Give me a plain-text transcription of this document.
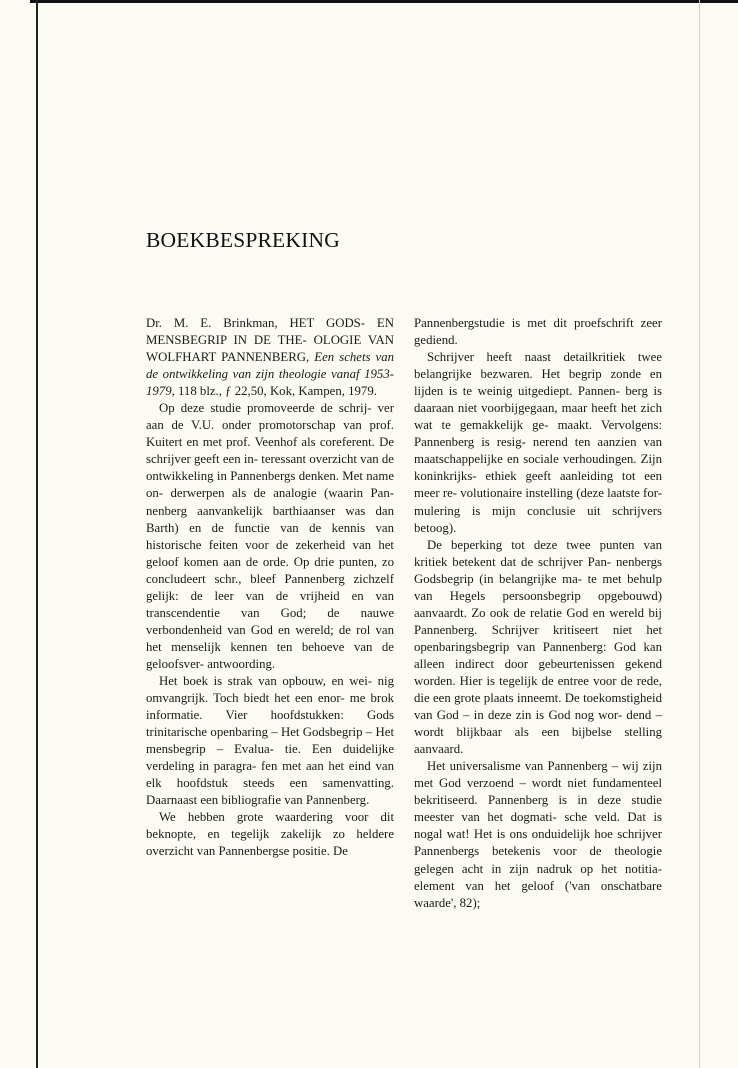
BOEKBESPREKING

Dr. M. E. Brinkman, HET GODS- EN MENSBEGRIP IN DE THE- OLOGIE VAN WOLFHART PANNENBERG, Een schets van de ontwikkeling van zijn theologie vanaf 1953-1979, 118 blz., ƒ 22,50, Kok, Kampen, 1979.

Op deze studie promoveerde de schrij- ver aan de V.U. onder promotorschap van prof. Kuitert en met prof. Veenhof als coreferent. De schrijver geeft een in- teressant overzicht van de ontwikkeling in Pannenbergs denken. Met name on- derwerpen als de analogie (waarin Pan- nenberg aanvankelijk barthiaanser was dan Barth) en de functie van de kennis van historische feiten voor de zekerheid van het geloof komen aan de orde. Op drie punten, zo concludeert schr., bleef Pannenberg zichzelf gelijk: de leer van de vrijheid en van transcendentie van God; de nauwe verbondenheid van God en wereld; de rol van het menselijk kennen ten behoeve van de geloofsver- antwoording.

Het boek is strak van opbouw, en wei- nig omvangrijk. Toch biedt het een enor- me brok informatie. Vier hoofdstukken: Gods trinitarische openbaring – Het Godsbegrip – Het mensbegrip – Evalua- tie. Een duidelijke verdeling in paragra- fen met aan het eind van elk hoofdstuk steeds een samenvatting. Daarnaast een bibliografie van Pannenberg.

We hebben grote waardering voor dit beknopte, en tegelijk zakelijk zo heldere overzicht van Pannenbergse positie. De

Pannenbergstudie is met dit proefschrift zeer gediend.

Schrijver heeft naast detailkritiek twee belangrijke bezwaren. Het begrip zonde en lijden is te weinig uitgediept. Pannen- berg is daaraan niet voorbijgegaan, maar heeft het zich wat te gemakkelijk ge- maakt. Vervolgens: Pannenberg is resig- nerend ten aanzien van maatschappelijke en sociale verhoudingen. Zijn koninkrijks- ethiek geeft aanleiding tot een meer re- volutionaire instelling (deze laatste for- mulering is mijn conclusie uit schrijvers betoog).

De beperking tot deze twee punten van kritiek betekent dat de schrijver Pan- nenbergs Godsbegrip (in belangrijke ma- te met behulp van Hegels persoonsbegrip opgebouwd) aanvaardt. Zo ook de relatie God en wereld bij Pannenberg. Schrijver kritiseert niet het openbaringsbegrip van Pannenberg: God kan alleen indirect door gebeurtenissen gekend worden. Hier is tegelijk de entree voor de rede, die een grote plaats inneemt. De toekomstigheid van God – in deze zin is God nog wor- dend – wordt blijkbaar als een bijbelse stelling aanvaard.

Het universalisme van Pannenberg – wij zijn met God verzoend – wordt niet fundamenteel bekritiseerd. Pannenberg is in deze studie meester van het dogmati- sche veld. Dat is nogal wat! Het is ons onduidelijk hoe schrijver Pannenbergs betekenis voor de theologie gelegen acht in zijn nadruk op het notitia-element van het geloof ('van onschatbare waarde', 82);
